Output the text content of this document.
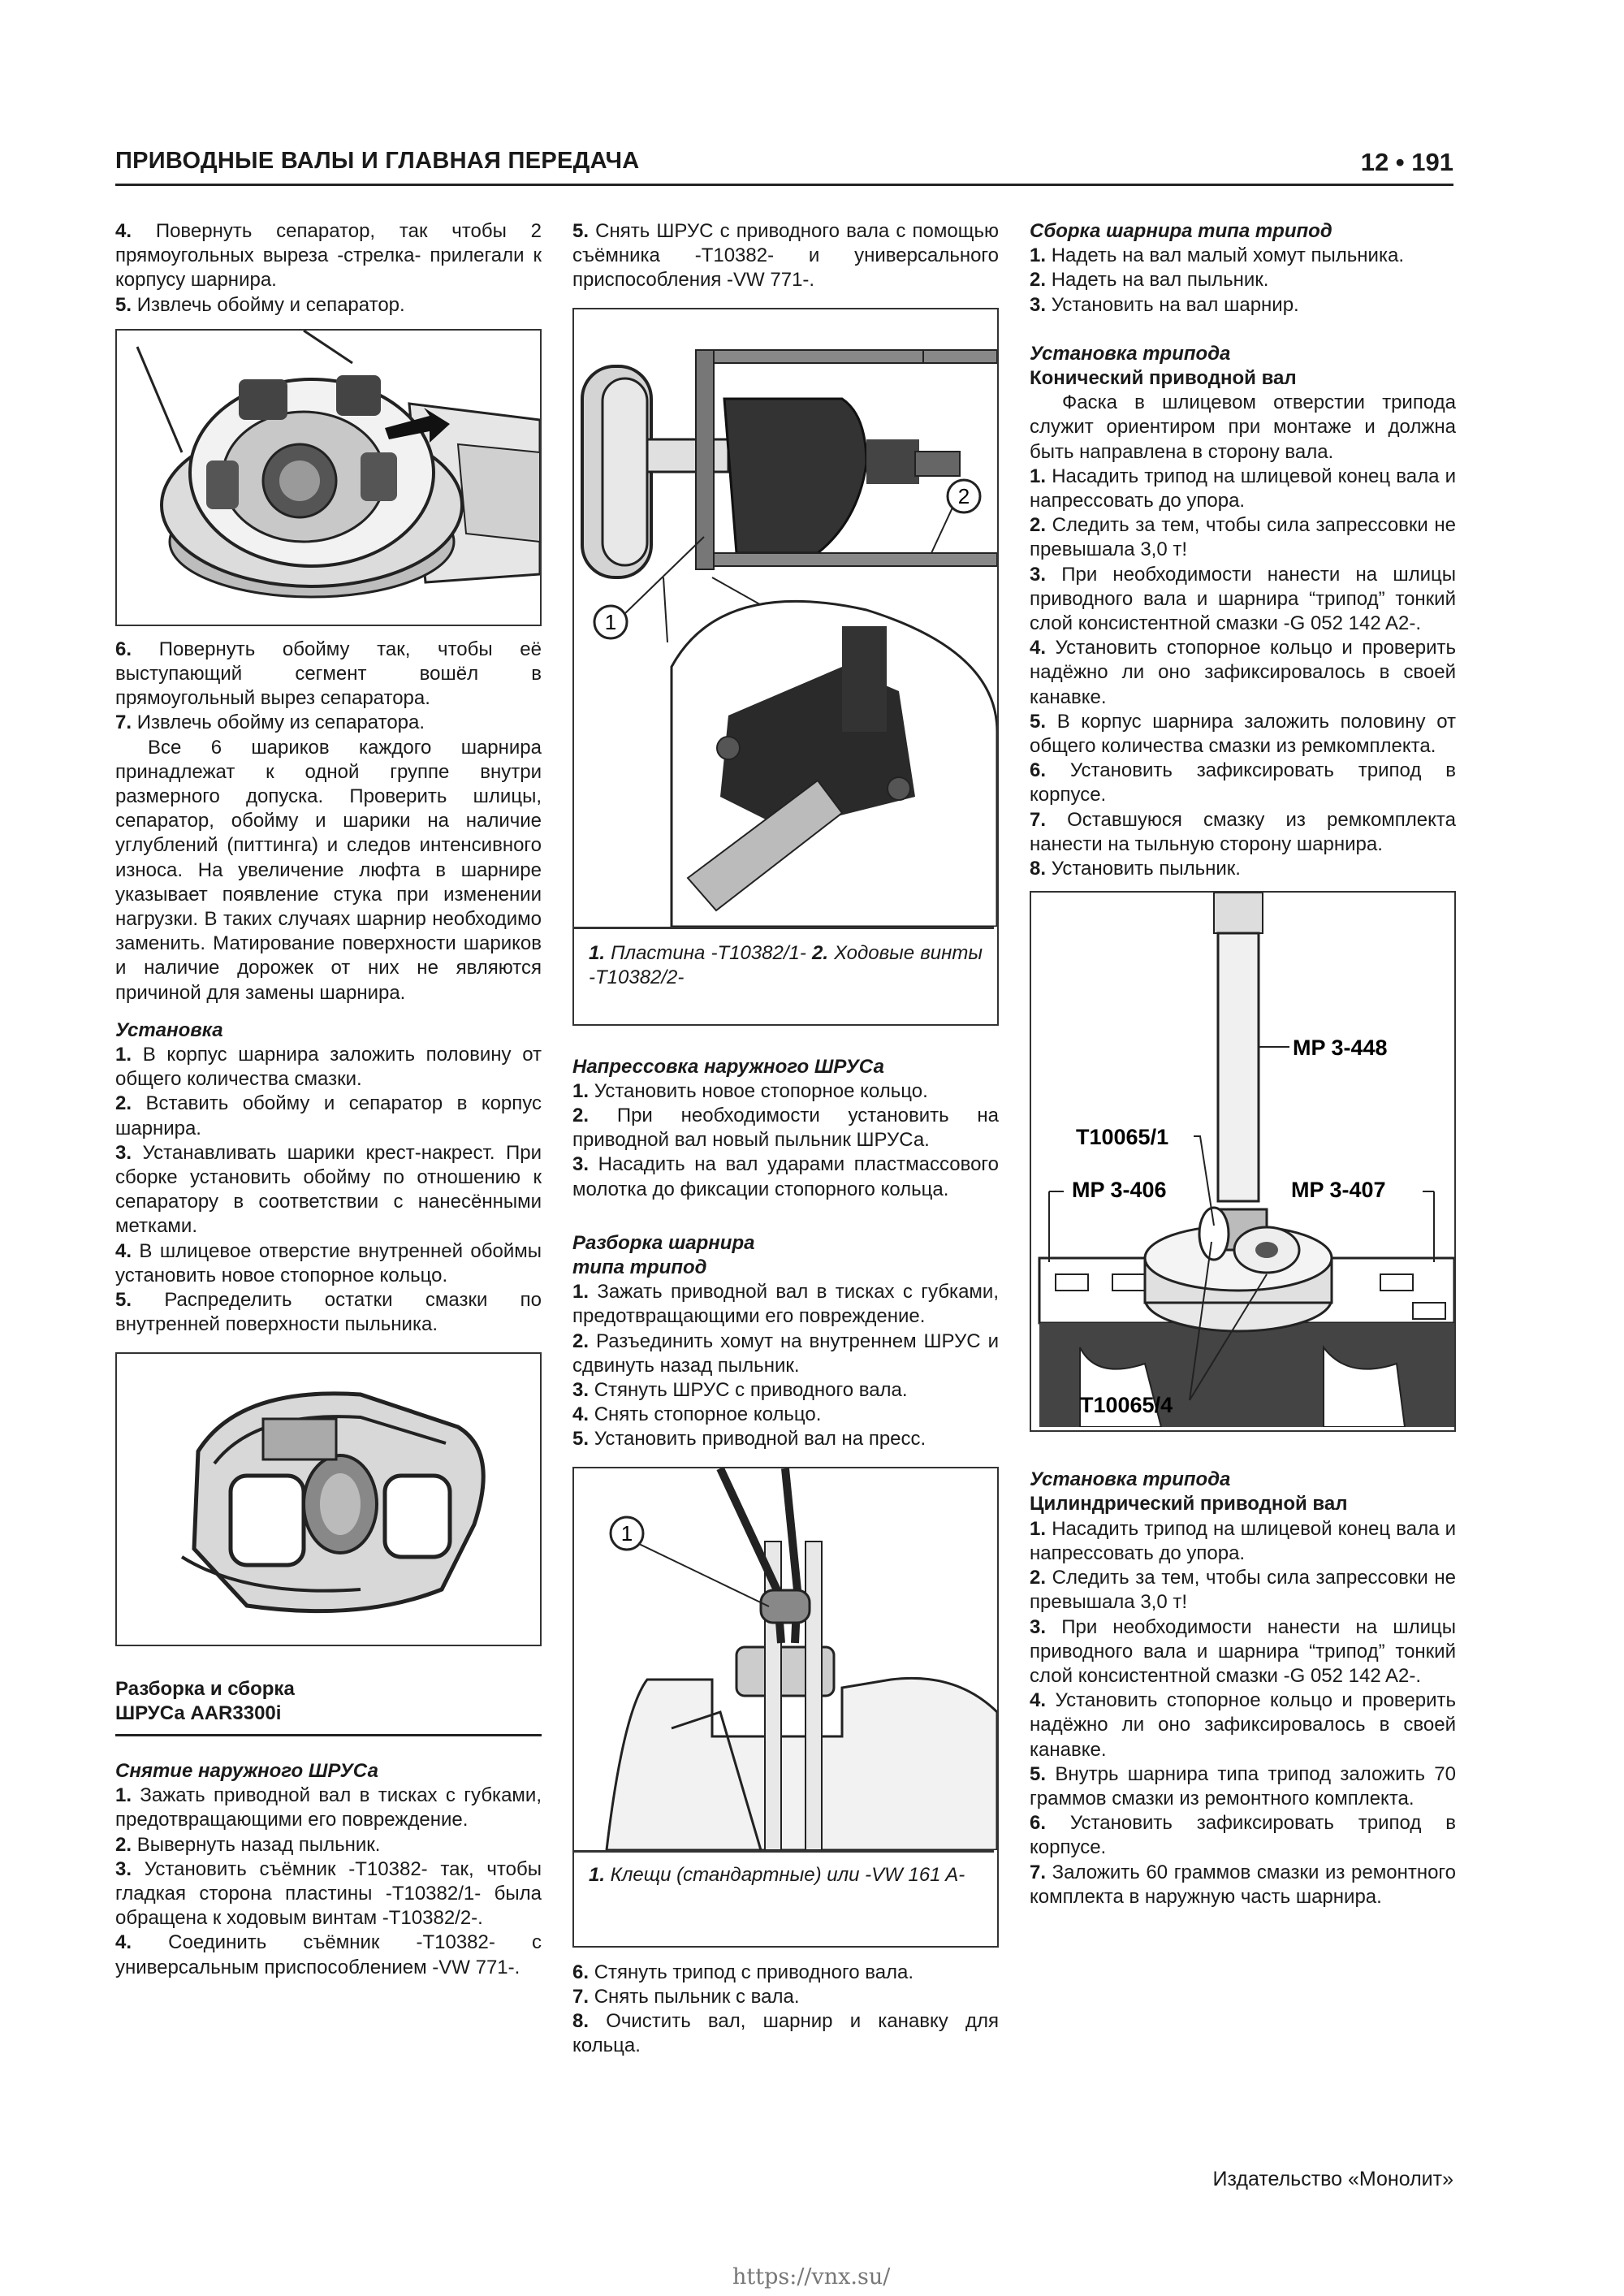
ПРИВОДНЫЕ ВАЛЫ И ГЛАВНАЯ ПЕРЕДАЧА	12 • 191

4. Повернуть сепаратор, так чтобы 2 прямоугольных выреза -стрелка- прилегали к корпусу шарнира.

5. Извлечь обойму и сепаратор.

6. Повернуть обойму так, чтобы её выступающий сегмент вошёл в прямоугольный вырез сепаратора.

7. Извлечь обойму из сепаратора.

Все 6 шариков каждого шарнира принадлежат к одной группе внутри размерного допуска. Проверить шлицы, сепаратор, обойму и шарики на наличие углублений (питтинга) и следов интенсивного износа. На увеличение люфта в шарнире указывает появление стука при изменении нагрузки. В таких случаях шарнир необходимо заменить. Матирование поверхности шариков и наличие дорожек от них не являются причиной для замены шарнира.

Установка

1. В корпус шарнира заложить половину от общего количества смазки.

2. Вставить обойму и сепаратор в корпус шарнира.

3. Устанавливать шарики крест-накрест. При сборке установить обойму по отношению к сепаратору в соответствии с нанесёнными метками.

4. В шлицевое отверстие внутренней обоймы установить новое стопорное кольцо.

5. Распределить остатки смазки по внутренней поверхности пыльника.

Разборка и сборка

ШРУСа AAR3300i

Снятие наружного ШРУСа

1. Зажать приводной вал в тисках с губками, предотвращающими его повреждение.

2. Вывернуть назад пыльник.

3. Установить съёмник -T10382- так, чтобы гладкая сторона пластины -T10382/1- была обращена к ходовым винтам -T10382/2-.

4. Соединить съёмник -T10382- с универсальным приспособлением -VW 771-.

5. Снять ШРУС с приводного вала с помощью съёмника -T10382- и универсального приспособления -VW 771-.

2
1

1. Пластина -T10382/1- 2. Ходовые винты -T10382/2-

Напрессовка наружного ШРУСа

1. Установить новое стопорное кольцо.

2. При необходимости установить на приводной вал новый пыльник ШРУСа.

3. Насадить на вал ударами пластмассового молотка до фиксации стопорного кольца.

Разборка шарнира

типа трипод

1. Зажать приводной вал в тисках с губками, предотвращающими его повреждение.

2. Разъединить хомут на внутреннем ШРУС и сдвинуть назад пыльник.

3. Стянуть ШРУС с приводного вала.

4. Снять стопорное кольцо.

5. Установить приводной вал на пресс.

1

1. Клещи (стандартные) или -VW 161 A-

6. Стянуть трипод с приводного вала.

7. Снять пыльник с вала.

8. Очистить вал, шарнир и канавку для кольца.

Сборка шарнира типа трипод

1. Надеть на вал малый хомут пыльника.

2. Надеть на вал пыльник.

3. Установить на вал шарнир.

Установка трипода

Конический приводной вал

Фаска в шлицевом отверстии трипода служит ориентиром при монтаже и должна быть направлена в сторону вала.

1. Насадить трипод на шлицевой конец вала и напрессовать до упора.

2. Следить за тем, чтобы сила запрессовки не превышала 3,0 т!

3. При необходимости нанести на шлицы приводного вала и шарнира “трипод” тонкий слой консистентной смазки -G 052 142 A2-.

4. Установить стопорное кольцо и проверить надёжно ли оно зафиксировалось в своей канавке.

5. В корпус шарнира заложить половину от общего количества смазки из ремкомплекта.

6. Установить зафиксировать трипод в корпусе.

7. Оставшуюся смазку из ремкомплекта нанести на тыльную сторону шарнира.

8. Установить пыльник.

MP 3-448
T10065/1
MP 3-406	MP 3-407
T10065/4

Установка трипода

Цилиндрический приводной вал

1. Насадить трипод на шлицевой конец вала и напрессовать до упора.

2. Следить за тем, чтобы сила запрессовки не превышала 3,0 т!

3. При необходимости нанести на шлицы приводного вала и шарнира “трипод” тонкий слой консистентной смазки -G 052 142 A2-.

4. Установить стопорное кольцо и проверить надёжно ли оно зафиксировалось в своей канавке.

5. Внутрь шарнира типа трипод заложить 70 граммов смазки из ремонтного комплекта.

6. Установить зафиксировать трипод в корпусе.

7. Заложить 60 граммов смазки из ремонтного комплекта в наружную часть шарнира.

Издательство «Монолит»
https://vnx.su/
